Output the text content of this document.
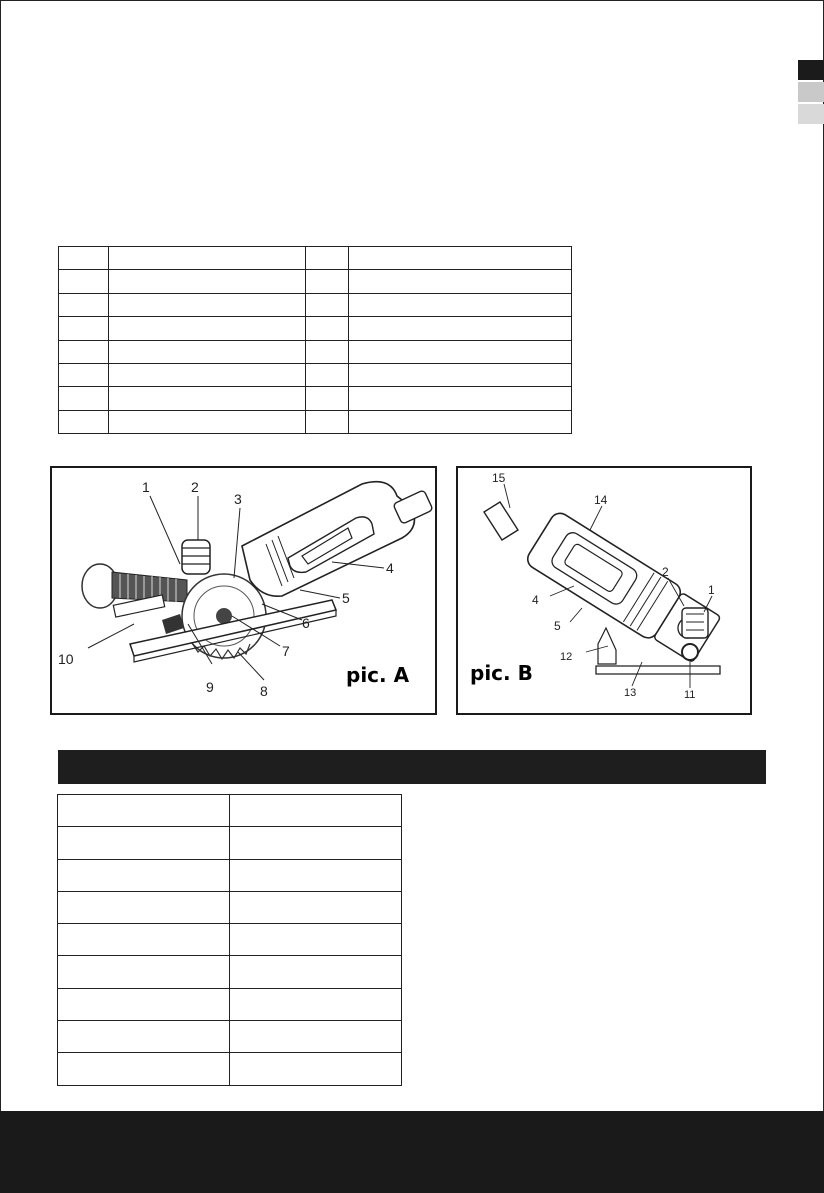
1	2
3
4
5
6
7
8
9
10
pic. A
15
14
2
1
4
5
12
13	11
pic. B
